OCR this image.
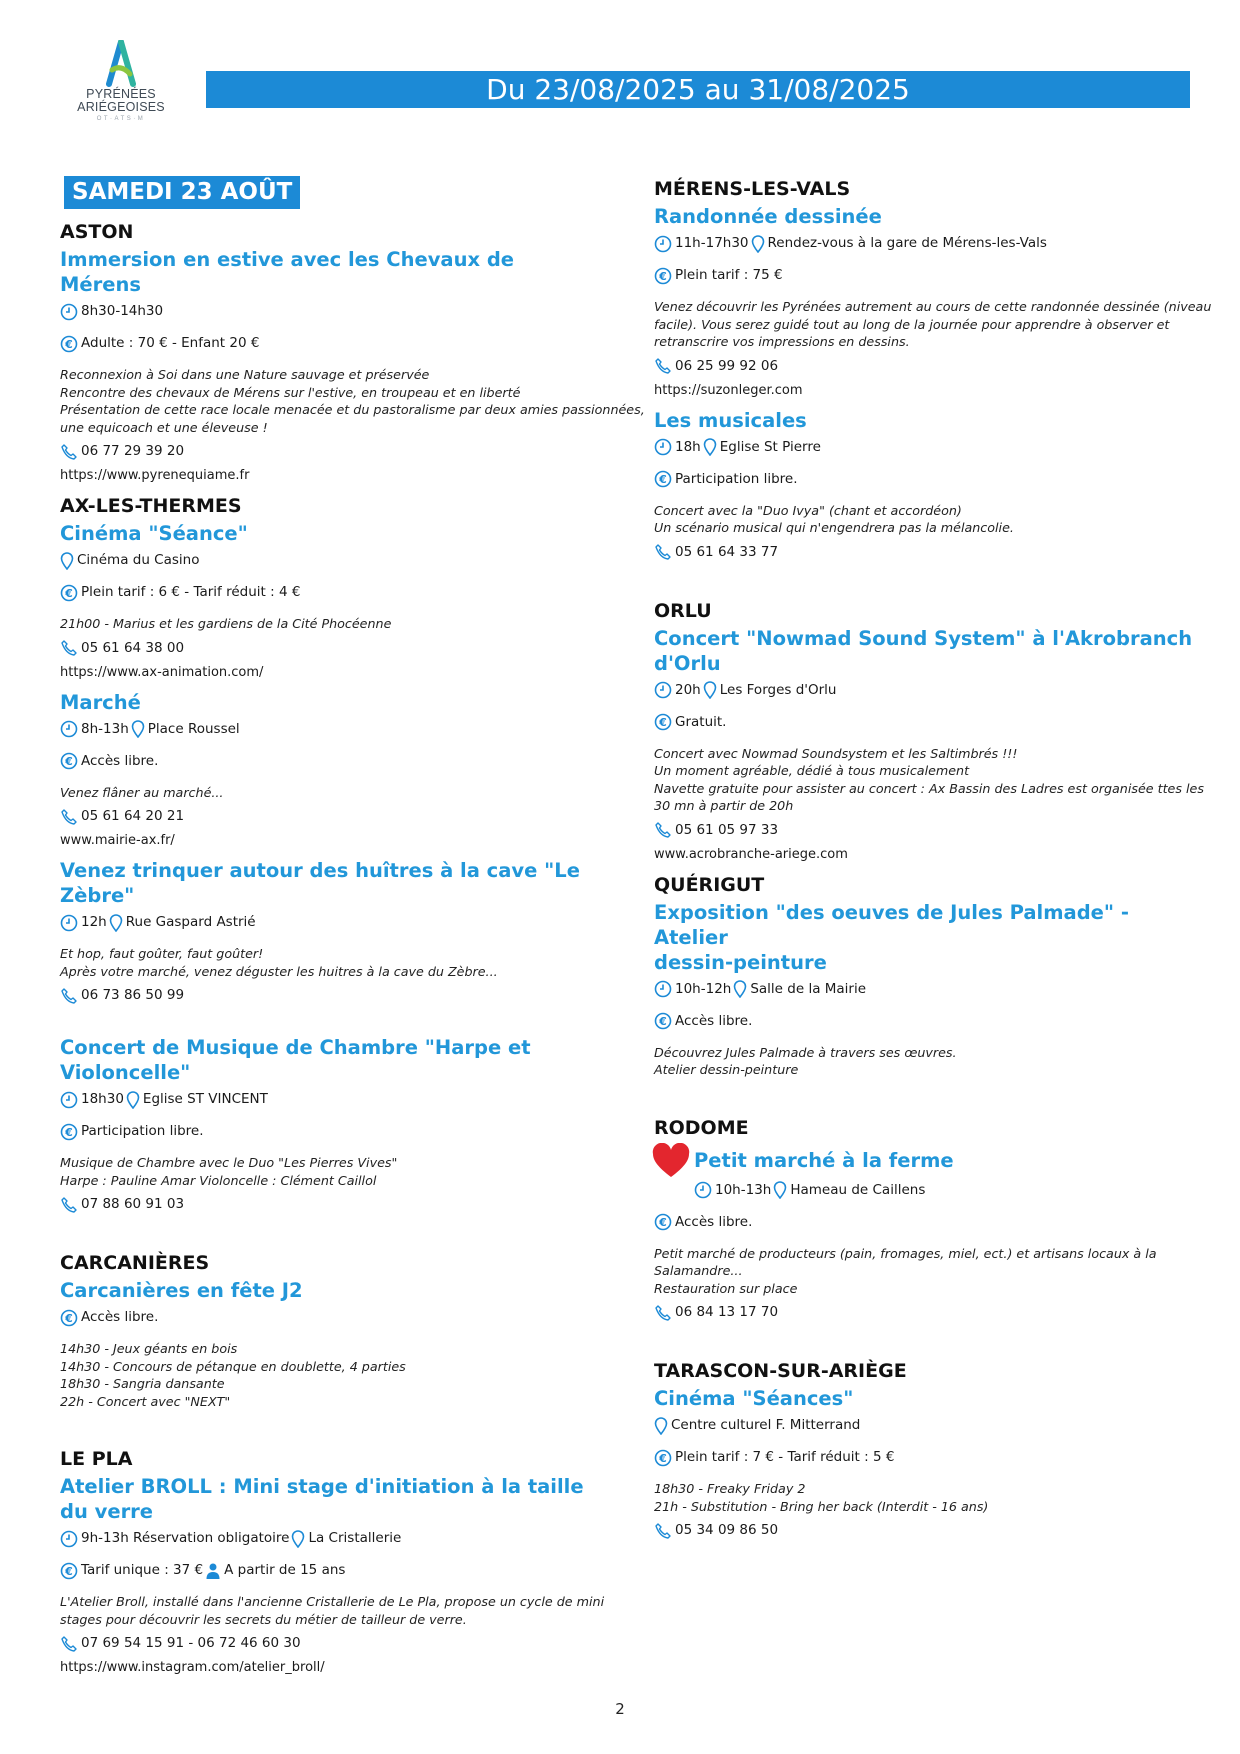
PYRÉNÉES
ARIÉGEOISES
OT·ATS·M
Du 23/08/2025 au 31/08/2025
SAMEDI 23 AOÛT
ASTON
Immersion en estive avec les Chevaux de Mérens
8h30-14h30
€ Adulte : 70 € - Enfant 20 €
Reconnexion à Soi dans une Nature sauvage et préservée
Rencontre des chevaux de Mérens sur l'estive, en troupeau et en liberté
Présentation de cette race locale menacée et du pastoralisme par deux amies passionnées,
une equicoach et une éleveuse !
06 77 29 39 20
https://www.pyrenequiame.fr
AX-LES-THERMES
Cinéma "Séance"
Cinéma du Casino
€ Plein tarif : 6 € - Tarif réduit : 4 €
21h00 - Marius et les gardiens de la Cité Phocéenne
05 61 64 38 00
https://www.ax-animation.com/
Marché
8h-13h Place Roussel
€ Accès libre.
Venez flâner au marché...
05 61 64 20 21
www.mairie-ax.fr/
Venez trinquer autour des huîtres à la cave "Le Zèbre"
12h Rue Gaspard Astrié
Et hop, faut goûter, faut goûter!
Après votre marché, venez déguster les huitres à la cave du Zèbre...
06 73 86 50 99
Concert de Musique de Chambre "Harpe et Violoncelle"
18h30 Eglise ST VINCENT
€ Participation libre.
Musique de Chambre avec le Duo "Les Pierres Vives"
Harpe : Pauline Amar Violoncelle : Clément Caillol
07 88 60 91 03
CARCANIÈRES
Carcanières en fête J2
€ Accès libre.
14h30 - Jeux géants en bois
14h30 - Concours de pétanque en doublette, 4 parties
18h30 - Sangria dansante
22h - Concert avec "NEXT"
LE PLA
Atelier BROLL : Mini stage d'initiation à la taille du verre
9h-13h Réservation obligatoire La Cristallerie
€ Tarif unique : 37 € A partir de 15 ans
L'Atelier Broll, installé dans l'ancienne Cristallerie de Le Pla, propose un cycle de mini
stages pour découvrir les secrets du métier de tailleur de verre.
07 69 54 15 91 - 06 72 46 60 30
https://www.instagram.com/atelier_broll/
MÉRENS-LES-VALS
Randonnée dessinée
11h-17h30 Rendez-vous à la gare de Mérens-les-Vals
€ Plein tarif : 75 €
Venez découvrir les Pyrénées autrement au cours de cette randonnée dessinée (niveau
facile). Vous serez guidé tout au long de la journée pour apprendre à observer et
retranscrire vos impressions en dessins.
06 25 99 92 06
https://suzonleger.com
Les musicales
18h Eglise St Pierre
€ Participation libre.
Concert avec la "Duo Ivya" (chant et accordéon)
Un scénario musical qui n'engendrera pas la mélancolie.
05 61 64 33 77
ORLU
Concert "Nowmad Sound System" à l'Akrobranch d'Orlu
20h Les Forges d'Orlu
€ Gratuit.
Concert avec Nowmad Soundsystem et les Saltimbrés !!!
Un moment agréable, dédié à tous musicalement
Navette gratuite pour assister au concert : Ax Bassin des Ladres est organisée ttes les
30 mn à partir de 20h
05 61 05 97 33
www.acrobranche-ariege.com
QUÉRIGUT
Exposition "des oeuves de Jules Palmade" - Atelier
dessin-peinture
10h-12h Salle de la Mairie
€ Accès libre.
Découvrez Jules Palmade à travers ses œuvres.
Atelier dessin-peinture
RODOME
Petit marché à la ferme
10h-13h Hameau de Caillens
€ Accès libre.
Petit marché de producteurs (pain, fromages, miel, ect.) et artisans locaux à la
Salamandre...
Restauration sur place
06 84 13 17 70
TARASCON-SUR-ARIÈGE
Cinéma "Séances"
Centre culturel F. Mitterrand
€ Plein tarif : 7 € - Tarif réduit : 5 €
18h30 - Freaky Friday 2
21h - Substitution - Bring her back (Interdit - 16 ans)
05 34 09 86 50
2
